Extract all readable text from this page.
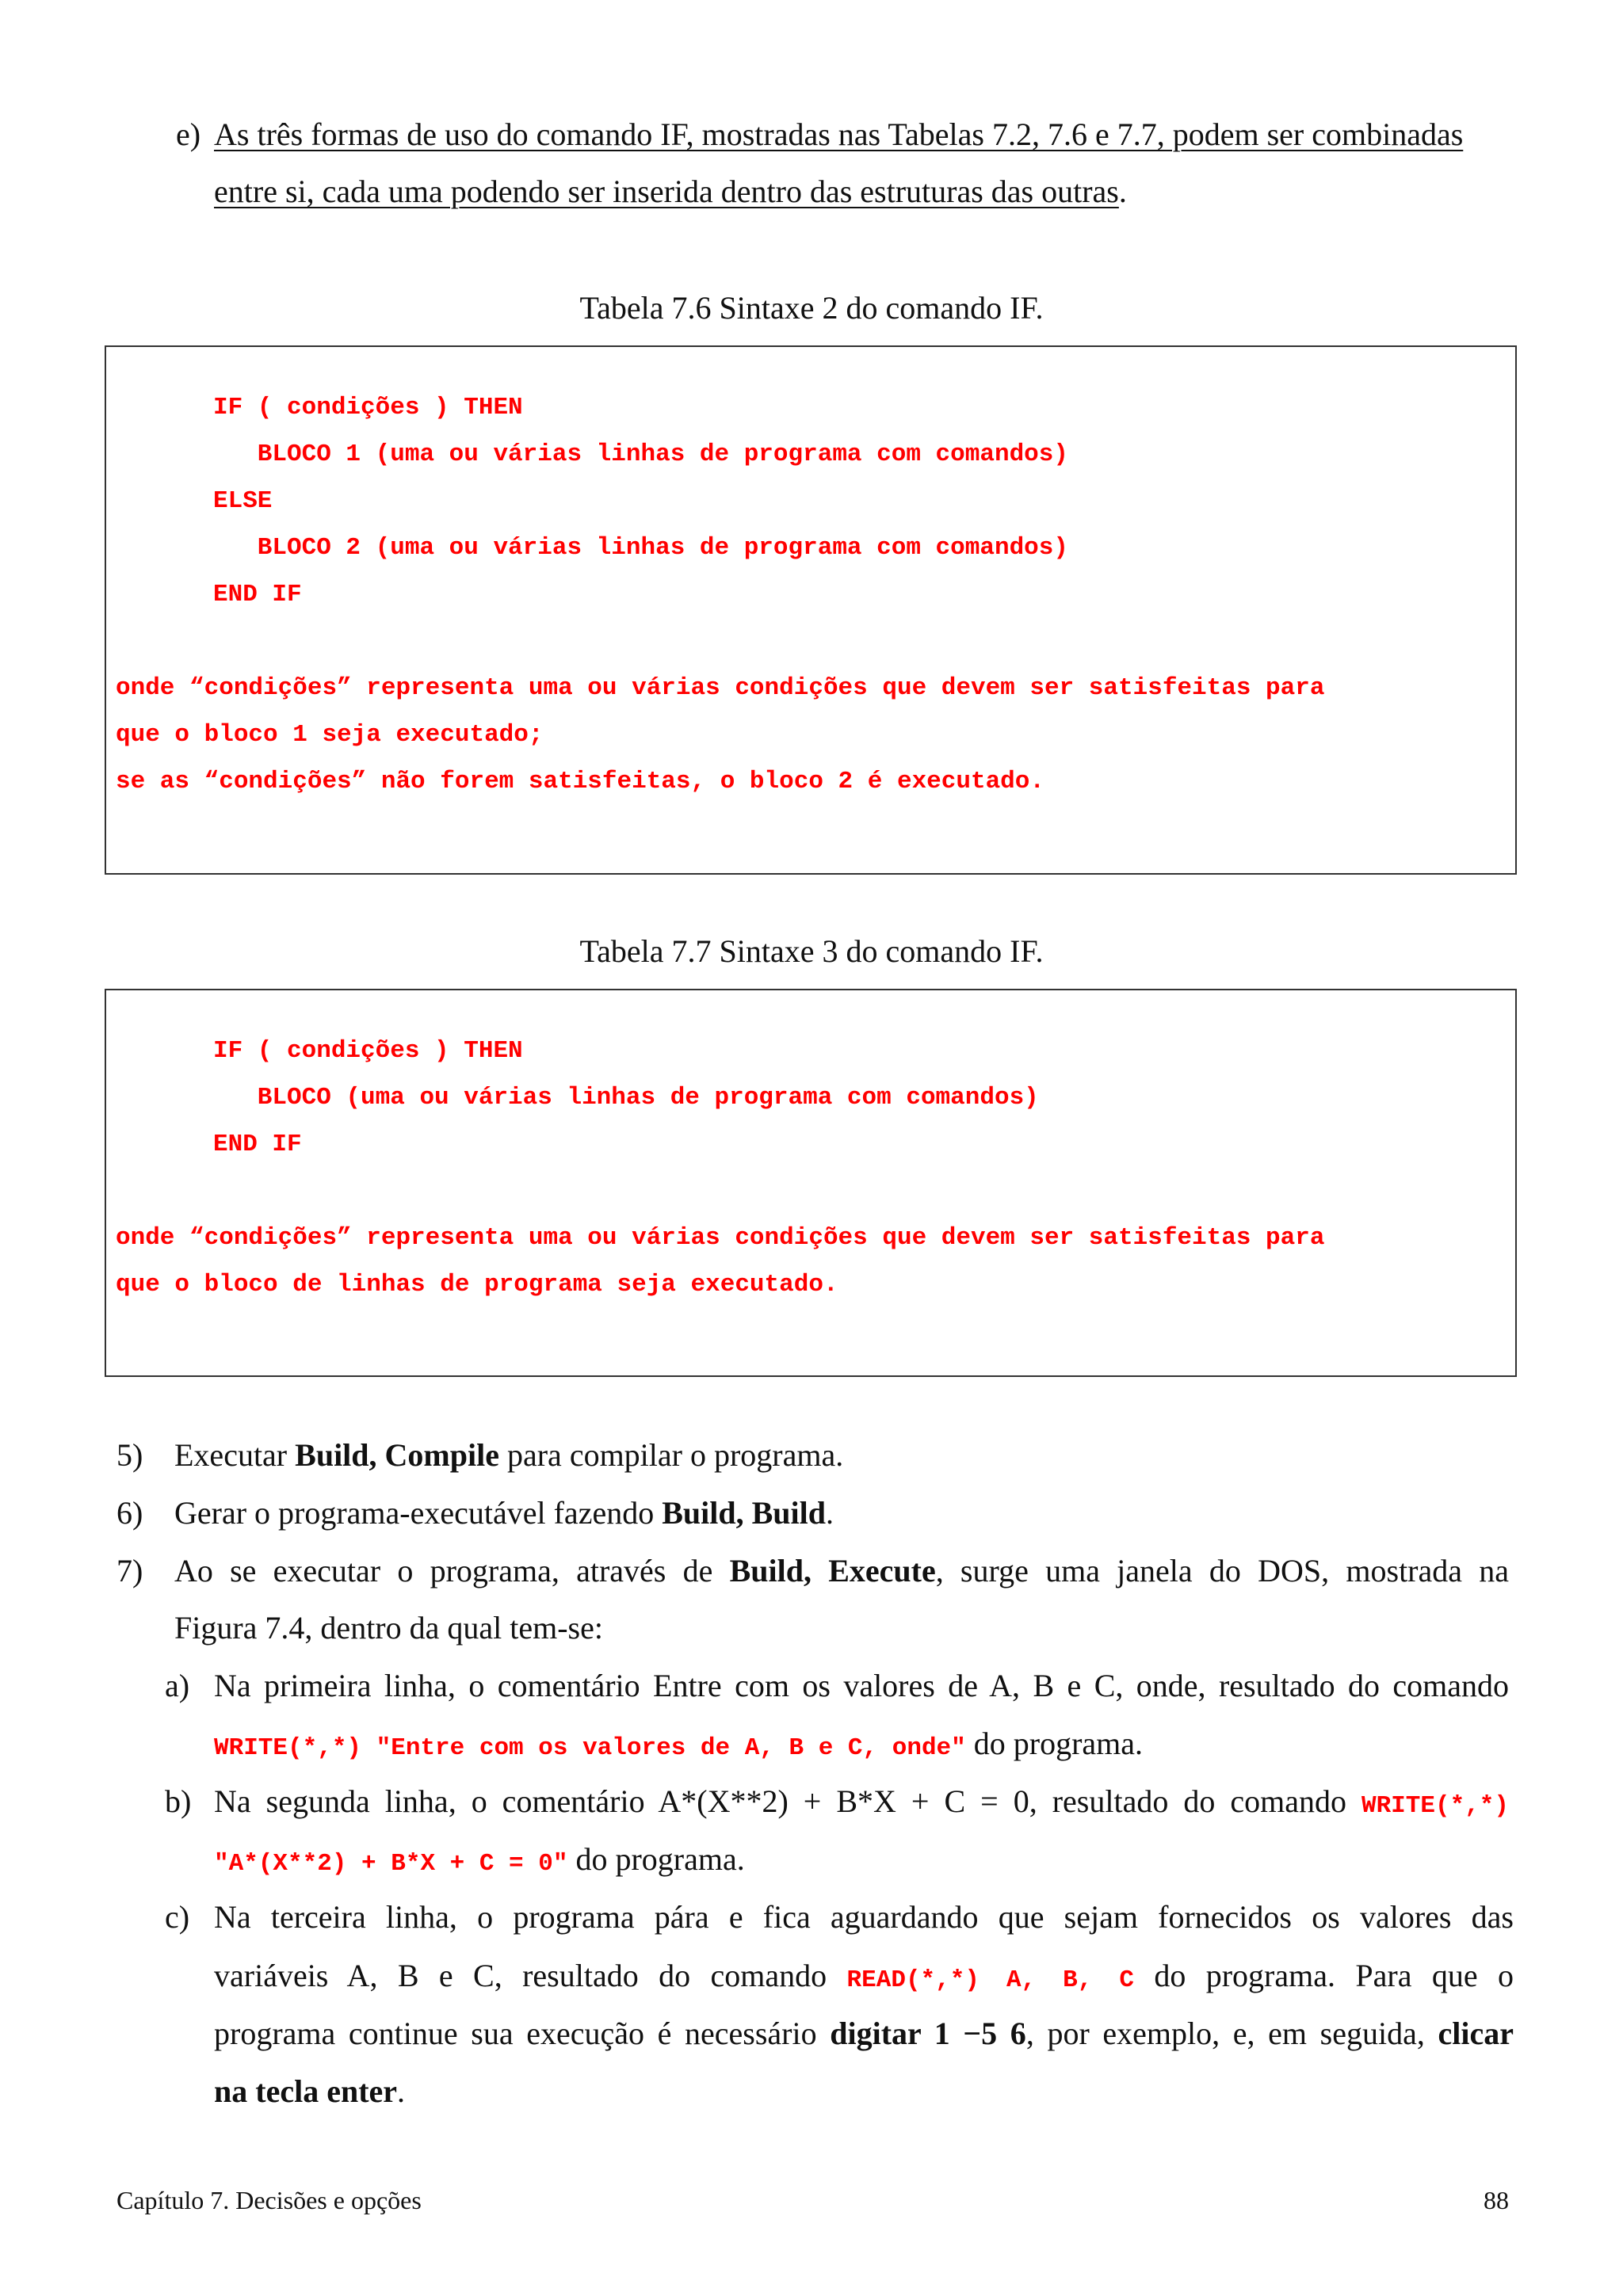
e) As três formas de uso do comando IF, mostradas nas Tabelas 7.2, 7.6 e 7.7, podem ser combinadas
entre si, cada uma podendo ser inserida dentro das estruturas das outras.
Tabela 7.6 Sintaxe 2 do comando IF.
IF ( condições ) THEN
BLOCO 1 (uma ou várias linhas de programa com comandos)
ELSE
BLOCO 2 (uma ou várias linhas de programa com comandos)
END IF
onde “condições” representa uma ou várias condições que devem ser satisfeitas para
que o bloco 1 seja executado;
se as “condições” não forem satisfeitas, o bloco 2 é executado.
Tabela 7.7 Sintaxe 3 do comando IF.
IF ( condições ) THEN
BLOCO (uma ou várias linhas de programa com comandos)
END IF
onde “condições” representa uma ou várias condições que devem ser satisfeitas para
que o bloco de linhas de programa seja executado.
5) Executar Build, Compile para compilar o programa.
6) Gerar o programa-executável fazendo Build, Build.
7) Ao se executar o programa, através de Build, Execute, surge uma janela do DOS, mostrada na
Figura 7.4, dentro da qual tem-se:
a) Na primeira linha, o comentário Entre com os valores de A, B e C, onde, resultado do comando
WRITE(*,*) "Entre com os valores de A, B e C, onde" do programa.
b) Na segunda linha, o comentário A*(X**2) + B*X + C = 0, resultado do comando WRITE(*,*)
"A*(X**2) + B*X + C = 0" do programa.
c) Na terceira linha, o programa pára e fica aguardando que sejam fornecidos os valores das
variáveis A, B e C, resultado do comando READ(*,*) A, B, C do programa. Para que o
programa continue sua execução é necessário digitar 1 −5 6, por exemplo, e, em seguida, clicar
na tecla enter.
Capítulo 7. Decisões e opções	88
